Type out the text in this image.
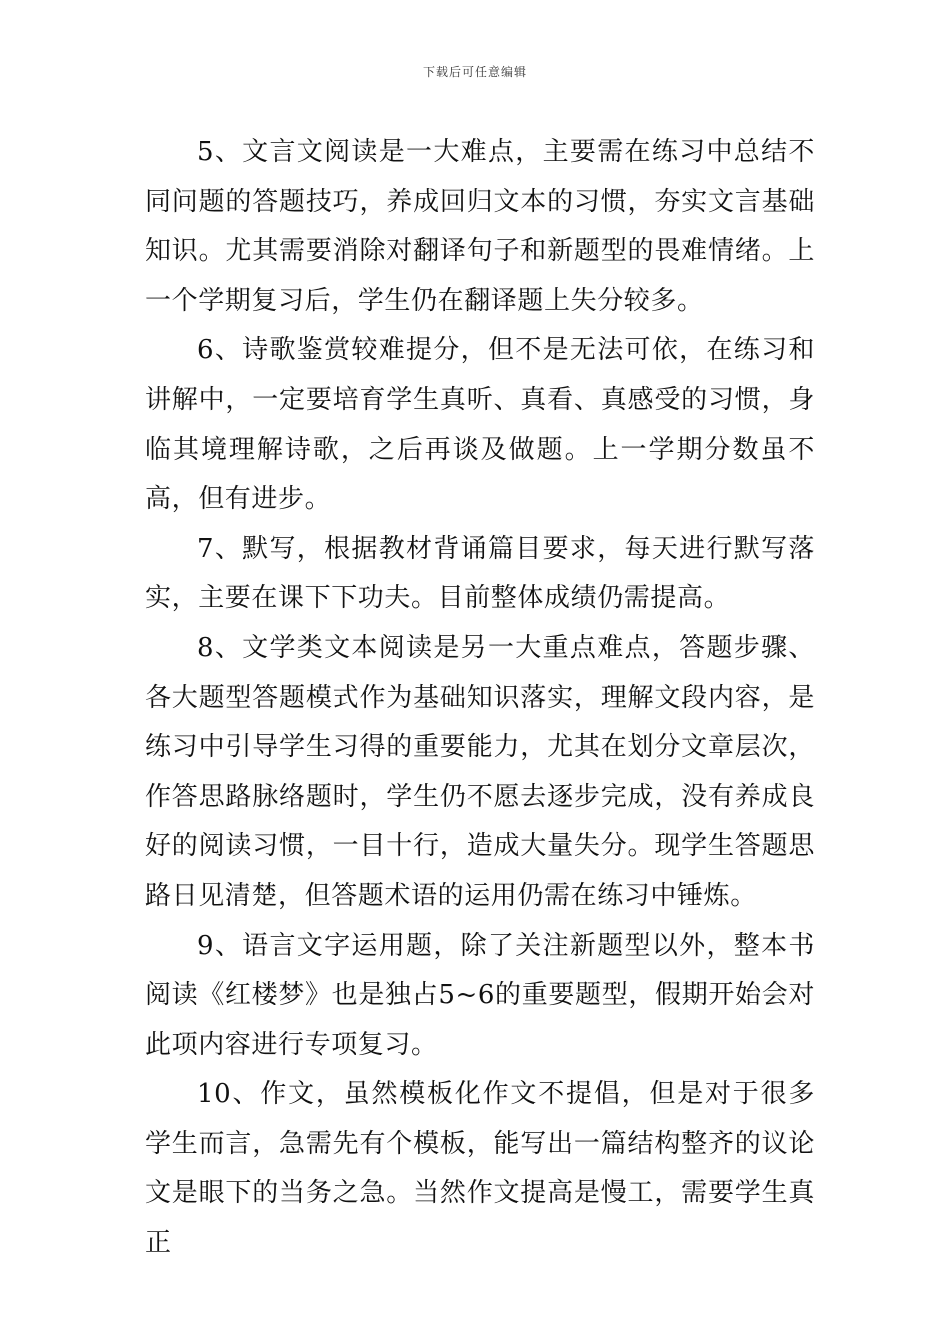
下载后可任意编辑

5、文言文阅读是一大难点，主要需在练习中总结不同问题的答题技巧，养成回归文本的习惯，夯实文言基础知识。尤其需要消除对翻译句子和新题型的畏难情绪。上一个学期复习后，学生仍在翻译题上失分较多。

6、诗歌鉴赏较难提分，但不是无法可依，在练习和讲解中，一定要培育学生真听、真看、真感受的习惯，身临其境理解诗歌，之后再谈及做题。上一学期分数虽不高，但有进步。

7、默写，根据教材背诵篇目要求，每天进行默写落实，主要在课下下功夫。目前整体成绩仍需提高。

8、文学类文本阅读是另一大重点难点，答题步骤、各大题型答题模式作为基础知识落实，理解文段内容，是练习中引导学生习得的重要能力，尤其在划分文章层次，作答思路脉络题时，学生仍不愿去逐步完成，没有养成良好的阅读习惯，一目十行，造成大量失分。现学生答题思路日见清楚，但答题术语的运用仍需在练习中锤炼。

9、语言文字运用题，除了关注新题型以外，整本书阅读《红楼梦》也是独占5~6的重要题型，假期开始会对此项内容进行专项复习。

10、作文，虽然模板化作文不提倡，但是对于很多学生而言，急需先有个模板，能写出一篇结构整齐的议论文是眼下的当务之急。当然作文提高是慢工，需要学生真正
